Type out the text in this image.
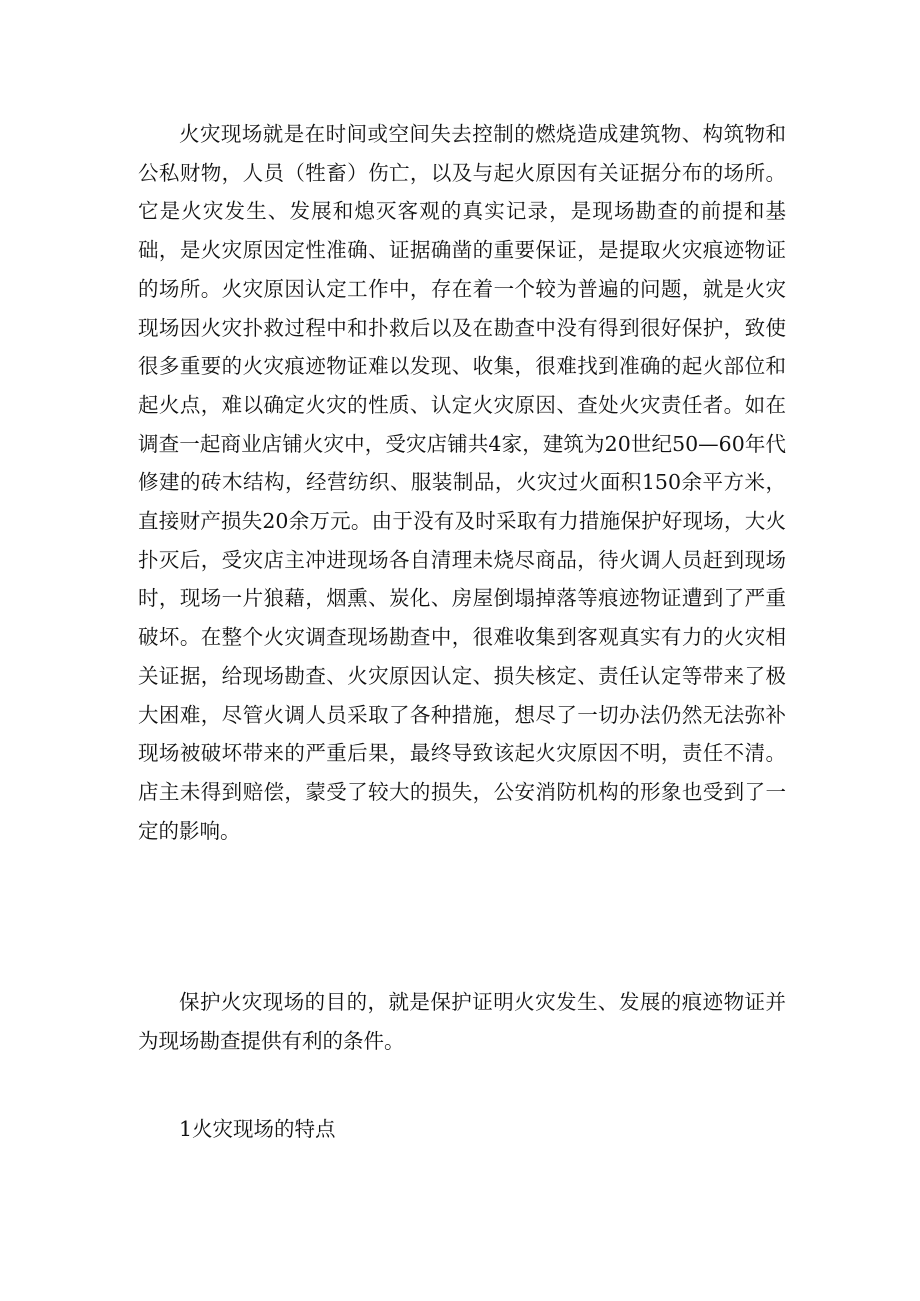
火灾现场就是在时间或空间失去控制的燃烧造成建筑物、构筑物和公私财物，人员（牲畜）伤亡，以及与起火原因有关证据分布的场所。它是火灾发生、发展和熄灭客观的真实记录，是现场勘查的前提和基础，是火灾原因定性准确、证据确凿的重要保证，是提取火灾痕迹物证的场所。火灾原因认定工作中，存在着一个较为普遍的问题，就是火灾现场因火灾扑救过程中和扑救后以及在勘查中没有得到很好保护，致使很多重要的火灾痕迹物证难以发现、收集，很难找到准确的起火部位和起火点，难以确定火灾的性质、认定火灾原因、查处火灾责任者。如在调查一起商业店铺火灾中，受灾店铺共4家，建筑为20世纪50—60年代修建的砖木结构，经营纺织、服装制品，火灾过火面积150余平方米，直接财产损失20余万元。由于没有及时采取有力措施保护好现场，大火扑灭后，受灾店主冲进现场各自清理未烧尽商品，待火调人员赶到现场时，现场一片狼藉，烟熏、炭化、房屋倒塌掉落等痕迹物证遭到了严重破坏。在整个火灾调查现场勘查中，很难收集到客观真实有力的火灾相关证据，给现场勘查、火灾原因认定、损失核定、责任认定等带来了极大困难，尽管火调人员采取了各种措施，想尽了一切办法仍然无法弥补现场被破坏带来的严重后果，最终导致该起火灾原因不明，责任不清。店主未得到赔偿，蒙受了较大的损失，公安消防机构的形象也受到了一定的影响。

保护火灾现场的目的，就是保护证明火灾发生、发展的痕迹物证并为现场勘查提供有利的条件。

1火灾现场的特点
